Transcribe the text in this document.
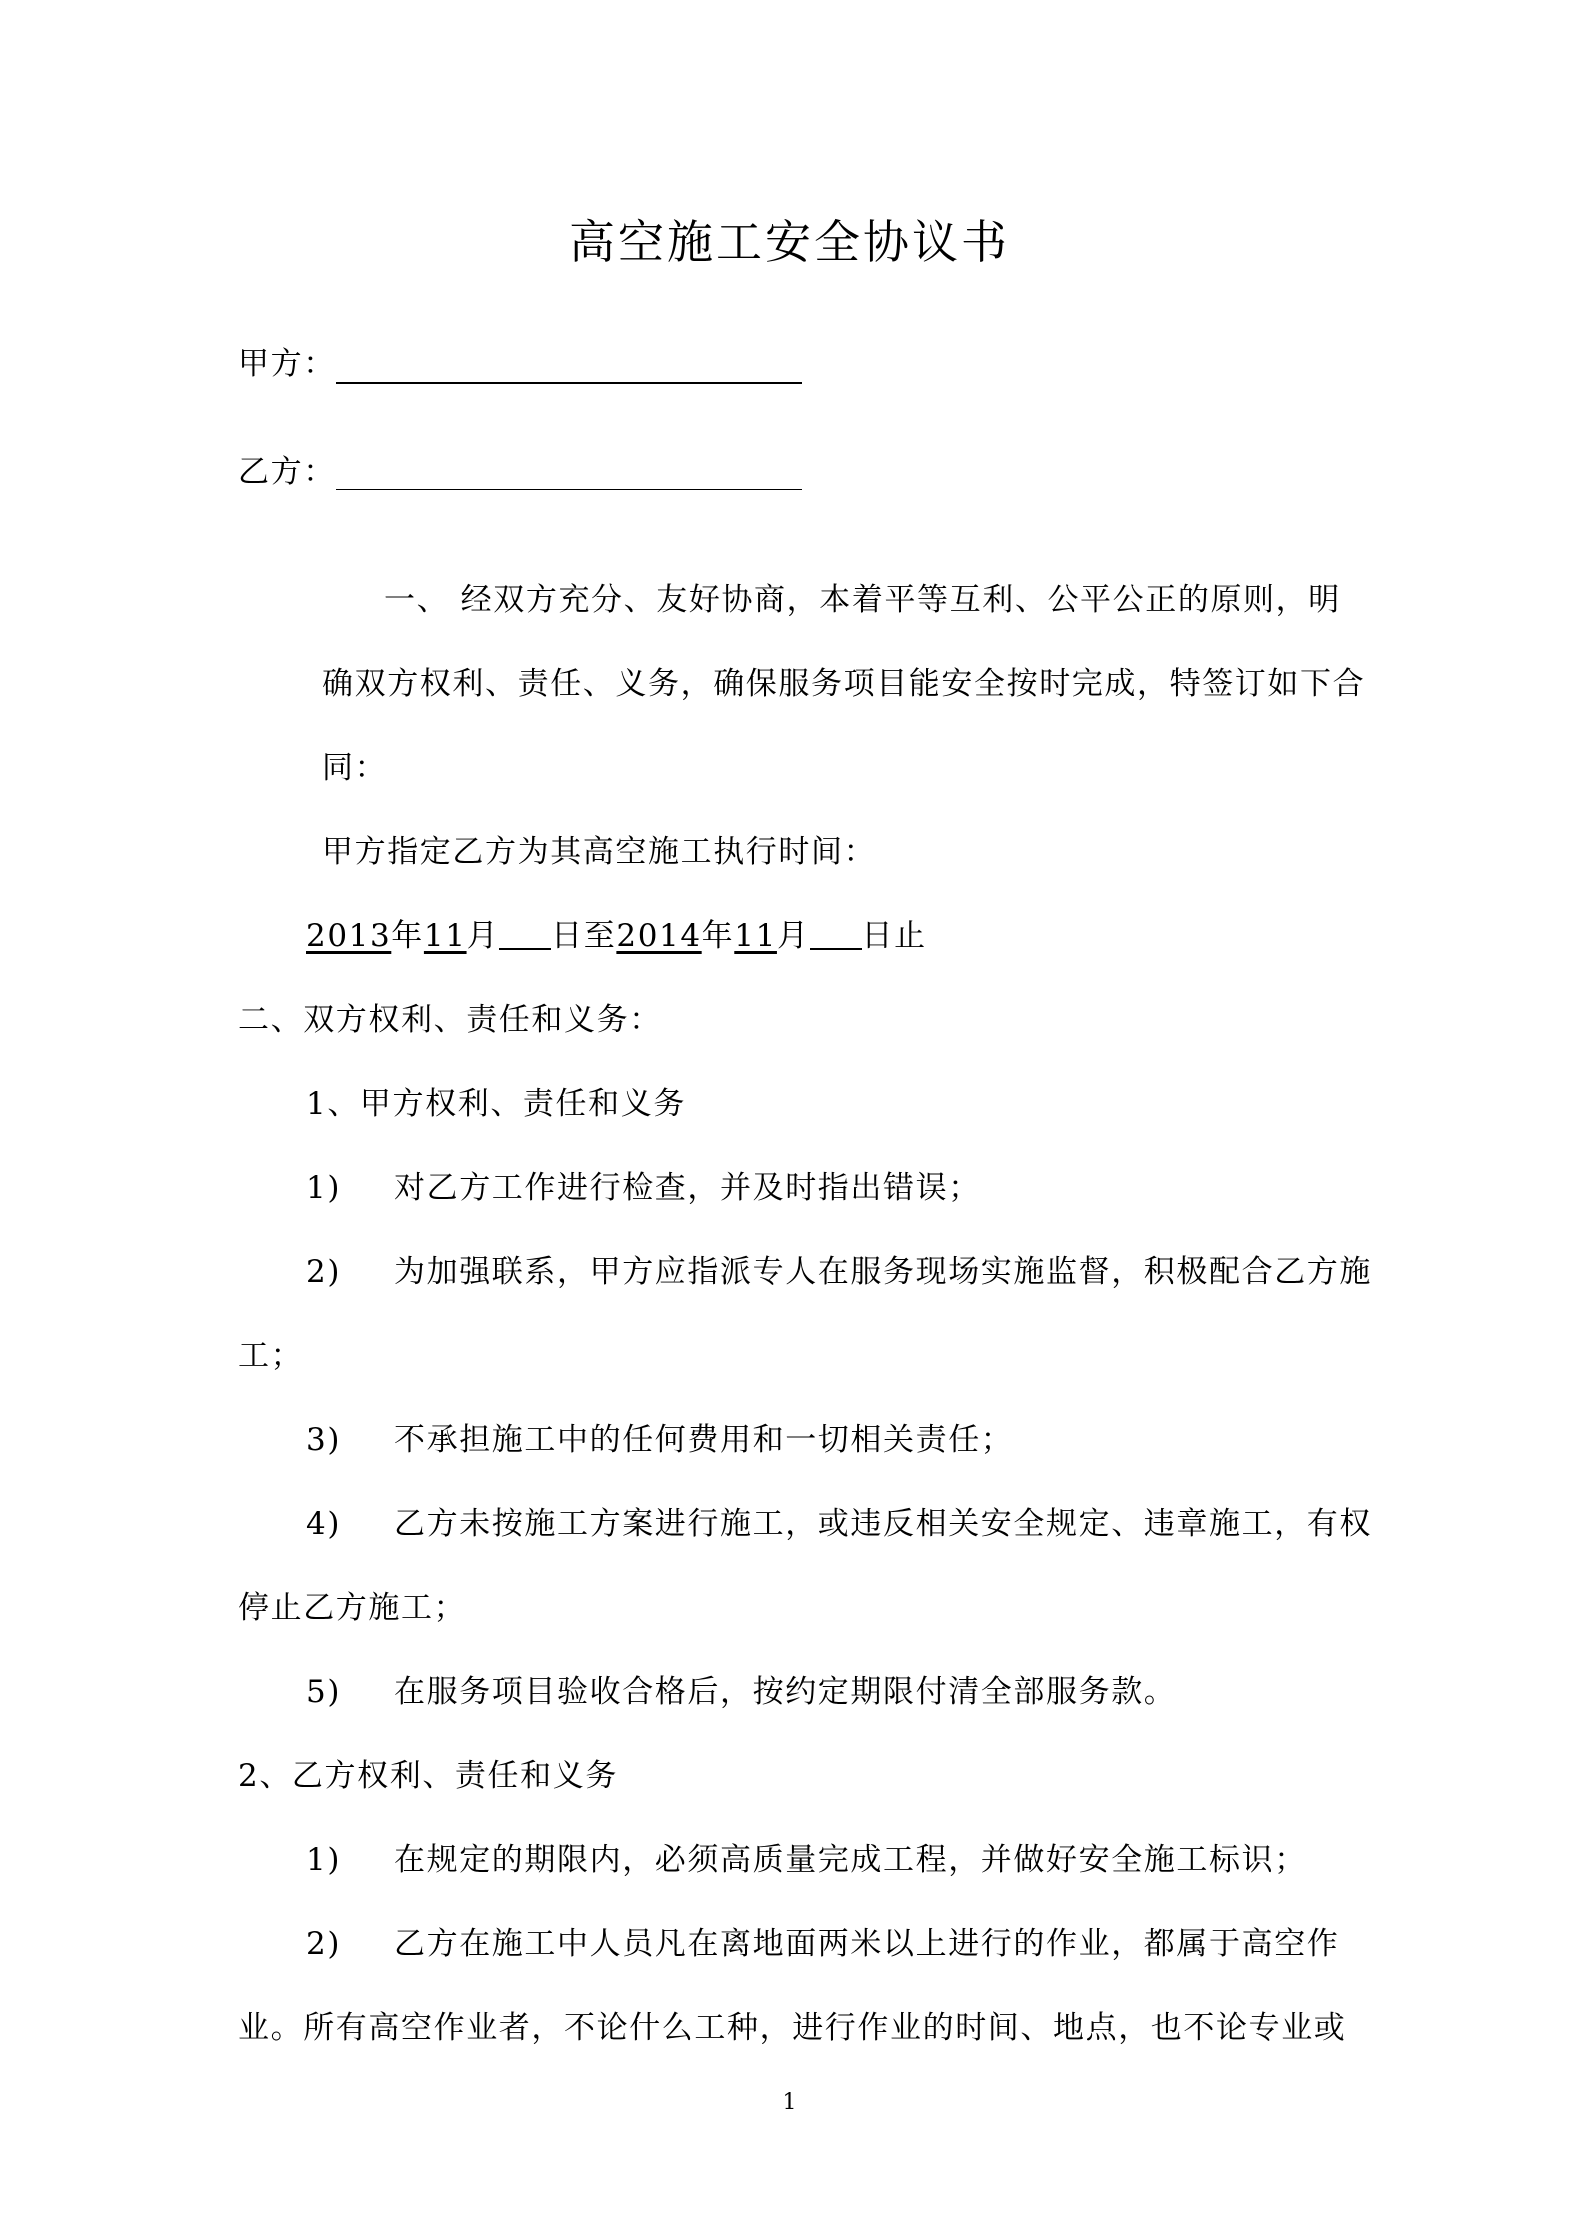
高空施工安全协议书
甲方：
乙方：
一、 经双方充分、友好协商，本着平等互利、公平公正的原则，明
确双方权利、责任、义务，确保服务项目能安全按时完成，特签订如下合
同：
甲方指定乙方为其高空施工执行时间：
2013年11月 日至2014年11月 日止
二、双方权利、责任和义务：
1、甲方权利、责任和义务
1) 对乙方工作进行检查，并及时指出错误；
2) 为加强联系，甲方应指派专人在服务现场实施监督，积极配合乙方施
工；
3) 不承担施工中的任何费用和一切相关责任；
4) 乙方未按施工方案进行施工，或违反相关安全规定、违章施工，有权
停止乙方施工；
5) 在服务项目验收合格后，按约定期限付清全部服务款。
2、乙方权利、责任和义务
1) 在规定的期限内，必须高质量完成工程，并做好安全施工标识；
2) 乙方在施工中人员凡在离地面两米以上进行的作业，都属于高空作
业。所有高空作业者，不论什么工种，进行作业的时间、地点，也不论专业或
1
